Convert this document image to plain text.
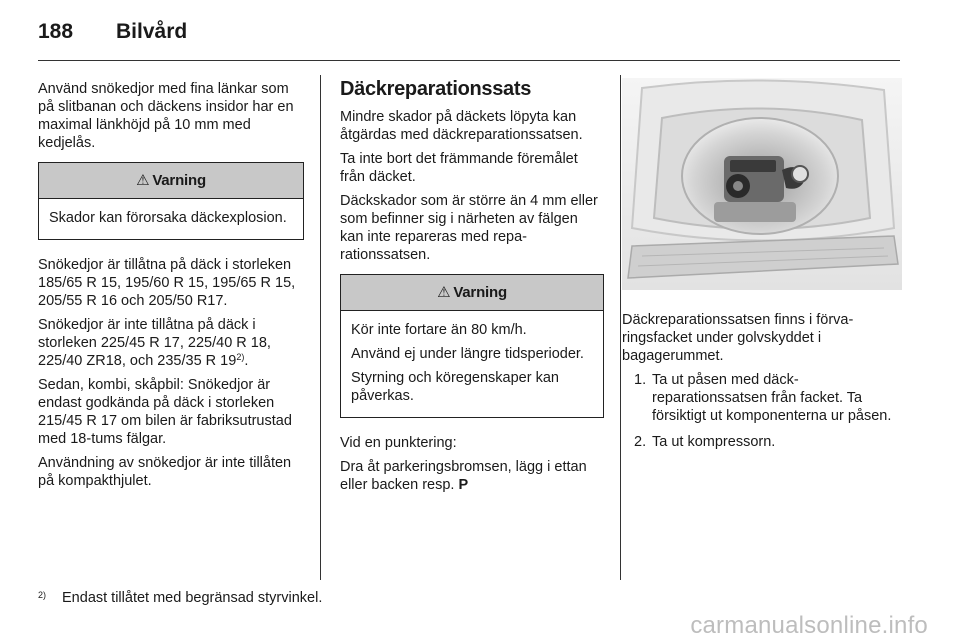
188 Bilvård

Använd snökedjor med fina länkar som på slitbanan och däckens insidor har en maximal länkhöjd på 10 mm med kedjelås.

⚠ Varning

Skador kan förorsaka däckexplosion.

Snökedjor är tillåtna på däck i storleken 185/65 R 15, 195/60 R 15, 195/65 R 15, 205/55 R 16 och 205/50 R17.

Snökedjor är inte tillåtna på däck i storleken 225/45 R 17, 225/40 R 18, 225/40 ZR18, och 235/35 R 19$^{2)}$.

Sedan, kombi, skåpbil: Snökedjor är endast godkända på däck i storleken 215/45 R 17 om bilen är fabriksutrustad med 18-tums fälgar.

Användning av snökedjor är inte tillåten på kompakthjulet.

Däckreparationssats

Mindre skador på däckets löpyta kan åtgärdas med däckreparationssatsen.

Ta inte bort det främmande föremålet från däcket.

Däckskador som är större än 4 mm eller som befinner sig i närheten av fälgen kan inte repareras med reparationssatsen.

⚠ Varning

Kör inte fortare än 80 km/h.

Använd ej under längre tidsperioder.

Styrning och köregenskaper kan påverkas.

Vid en punktering:

Dra åt parkeringsbromsen, lägg i ettan eller backen resp. P

Däckreparationssatsen finns i förvaringsfacket under golvskyddet i bagagerummet.

1. Ta ut påsen med däckreparationssatsen från facket. Ta försiktigt ut komponenterna ur påsen.
2. Ta ut kompressorn.
$^{2)}$ Endast tillåtet med begränsad styrvinkel.
carmanualsonline.info
